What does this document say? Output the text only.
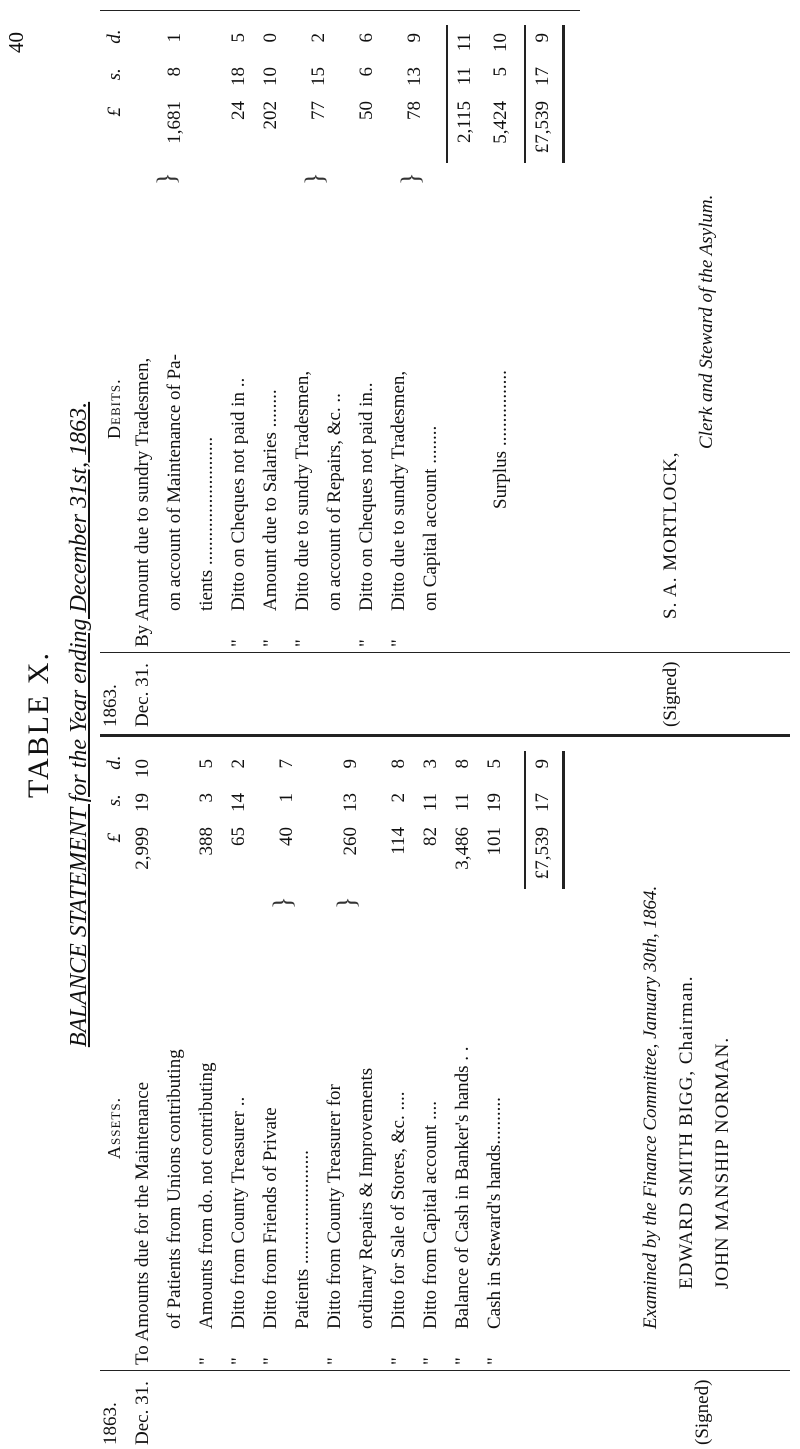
40
TABLE X. BALANCE STATEMENT for the Year ending December 31st, 1863.
Assets.
£ s. d.
1863. Dec. 31.
To Amounts due for the Maintenance of Patients from Unions contributing
2,9991910
"
Amounts from do. not contributing
38835
"
Ditto from County Treasurer ..
65142
"
Ditto from Friends of Private Patients ........................
}
4017
"
Ditto from County Treasurer for ordinary Repairs & Improvements
}
260139
"
Ditto for Sale of Stores, &c. ....
11428
"
Ditto from Capital account ....
82113
"
Balance of Cash in Banker's hands . .
3,486118
"
Cash in Steward's hands..........
101195
£7,539179
Debits.
£ s. d.
1863. Dec. 31.
By Amount due to sundry Tradesmen, on account of Maintenance of Pa- tients ...........................
}
1,68181
"
Ditto on Cheques not paid in ..
24185
"
Amount due to Salaries ........
202100
"
Ditto due to sundry Tradesmen, on account of Repairs, &c. ..
}
77152
"
Ditto on Cheques not paid in..
5066
"
Ditto due to sundry Tradesmen, on Capital account ........
}
78139
2,1151111
Surplus ................
5,424510
£7,539179
Examined by the Finance Committee, January 30th, 1864.
(Signed)
EDWARD SMITH BIGG, Chairman. JOHN MANSHIP NORMAN.
(Signed)
S. A. MORTLOCK,
Clerk and Steward of the Asylum.
